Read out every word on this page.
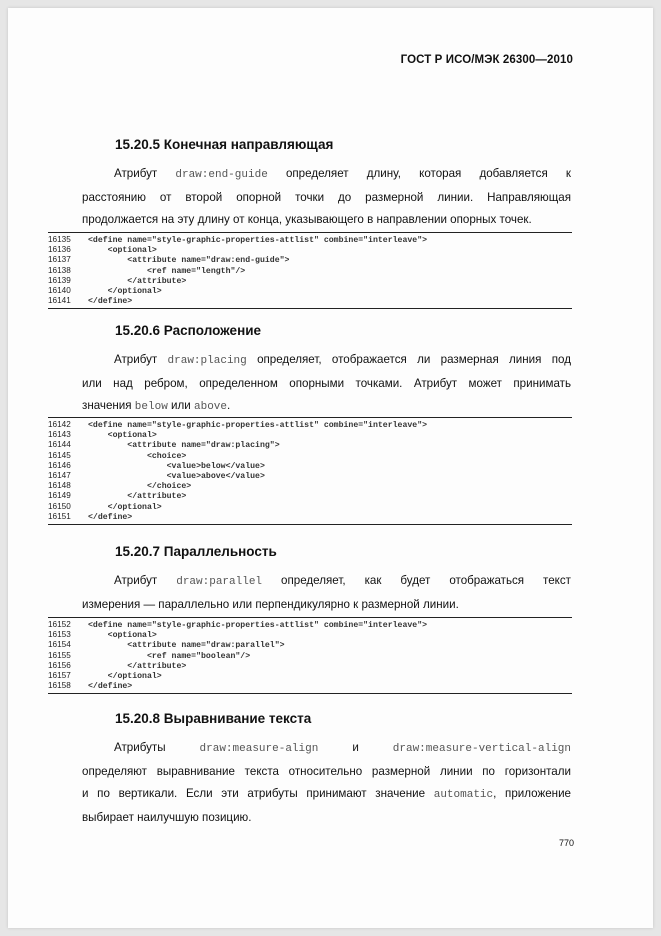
ГОСТ Р ИСО/МЭК 26300—2010
15.20.5 Конечная направляющая
Атрибут draw:end-guide определяет длину, которая добавляется к
расстоянию от второй опорной точки до размерной линии. Направляющая
продолжается на эту длину от конца, указывающего в направлении опорных точек.
16135 <define name="style-graphic-properties-attlist" combine="interleave">
16136    <optional>
16137        <attribute name="draw:end-guide">
16138            <ref name="length"/>
16139        </attribute>
16140    </optional>
16141 </define>
15.20.6 Расположение
Атрибут draw:placing определяет, отображается ли размерная линия под
или над ребром, определенном опорными точками. Атрибут может принимать
значения below или above.
16142 <define name="style-graphic-properties-attlist" combine="interleave">
16143    <optional>
16144        <attribute name="draw:placing">
16145            <choice>
16146                <value>below</value>
16147                <value>above</value>
16148            </choice>
16149        </attribute>
16150    </optional>
16151 </define>
15.20.7 Параллельность
Атрибут draw:parallel определяет, как будет отображаться текст
измерения — параллельно или перпендикулярно к размерной линии.
16152 <define name="style-graphic-properties-attlist" combine="interleave">
16153    <optional>
16154        <attribute name="draw:parallel">
16155            <ref name="boolean"/>
16156        </attribute>
16157    </optional>
16158 </define>
15.20.8 Выравнивание текста
Атрибуты	draw:measure-align	и	draw:measure-vertical-align
определяют выравнивание текста относительно размерной линии по горизонтали
и по вертикали. Если эти атрибуты принимают значение automatic, приложение
выбирает наилучшую позицию.
770
